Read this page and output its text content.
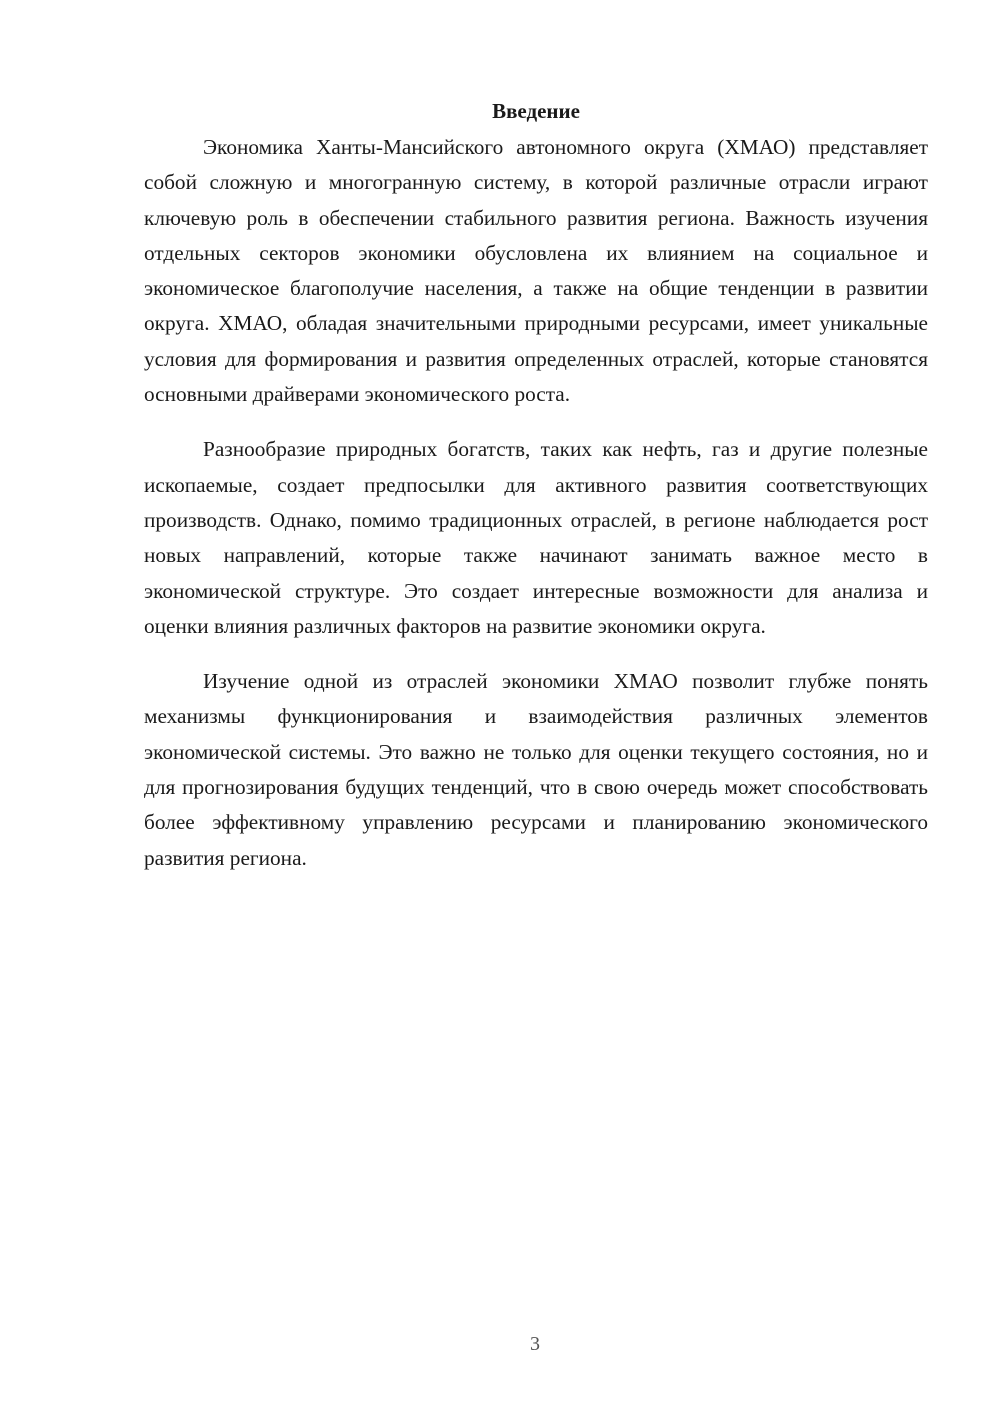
Введение

Экономика Ханты-Мансийского автономного округа (ХМАО) представляет собой сложную и многогранную систему, в которой различные отрасли играют ключевую роль в обеспечении стабильного развития региона. Важность изучения отдельных секторов экономики обусловлена их влиянием на социальное и экономическое благополучие населения, а также на общие тенденции в развитии округа. ХМАО, обладая значительными природными ресурсами, имеет уникальные условия для формирования и развития определенных отраслей, которые становятся основными драйверами экономического роста.

Разнообразие природных богатств, таких как нефть, газ и другие полезные ископаемые, создает предпосылки для активного развития соответствующих производств. Однако, помимо традиционных отраслей, в регионе наблюдается рост новых направлений, которые также начинают занимать важное место в экономической структуре. Это создает интересные возможности для анализа и оценки влияния различных факторов на развитие экономики округа.

Изучение одной из отраслей экономики ХМАО позволит глубже понять механизмы функционирования и взаимодействия различных элементов экономической системы. Это важно не только для оценки текущего состояния, но и для прогнозирования будущих тенденций, что в свою очередь может способствовать более эффективному управлению ресурсами и планированию экономического развития региона.

3
